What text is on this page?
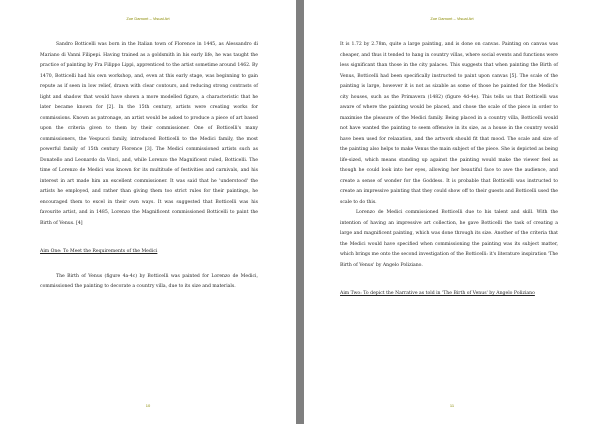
Zoe Damont – Visual Art

Sandro Botticelli was born in the Italian town of Florence in 1445, as Alessandro di Mariano di Vanni Filipepi. Having trained as a goldsmith in his early life, he was taught the practice of painting by Fra Filippo Lippi, apprenticed to the artist sometime around 1462. By 1470, Botticelli had his own workshop, and, even at this early stage, was beginning to gain repute as if seen in low relief, drawn with clear contours, and reducing strong contrasts of light and shadow that would have shown a more modelled figure, a characteristic that he later became known for [2]. In the 15th century, artists were creating works for commissions. Known as patronage, an artist would be asked to produce a piece of art based upon the criteria given to them by their commissioner. One of Botticelli's many commissioners, the Vespucci family, introduced Botticelli to the Medici family, the most powerful family of 15th century Florence [3]. The Medici commissioned artists such as Donatello and Leonardo da Vinci, and, while Lorenzo the Magnificent ruled, Botticelli. The time of Lorenzo de Medici was known for its multitude of festivities and carnivals, and his interest in art made him an excellent commissioner. It was said that he 'understood' the artists he employed, and rather than giving them too strict rules for their paintings, he encouraged them to excel in their own ways. It was suggested that Botticelli was his favourite artist, and in 1485, Lorenzo the Magnificent commissioned Botticelli to paint the Birth of Venus. [4]

Aim One: To Meet the Requirements of the Medici

The Birth of Venus (figure 4a-4c) by Botticelli was painted for Lorenzo de Medici, commissioned the painting to decorate a country villa, due to its size and materials.

10
Zoe Damont – Visual Art

It is 1.72 by 2.78m, quite a large painting, and is done on canvas. Painting on canvas was cheaper, and thus it tended to hang in country villas, where social events and functions were less significant than those in the city palaces. This suggests that when painting the Birth of Venus, Botticelli had been specifically instructed to paint upon canvas [5]. The scale of the painting is large, however it is not as sizable as some of those he painted for the Medici's city houses, such as the Primavera (1482) (figure 4d-4e). This tells us that Botticelli was aware of where the painting would be placed, and chose the scale of the piece in order to maximise the pleasure of the Medici family. Being placed in a country villa, Botticelli would not have wanted the painting to seem offensive in its size, as a house in the country would have been used for relaxation, and the artwork should fit that mood. The scale and size of the painting also helps to make Venus the main subject of the piece. She is depicted as being life-sized, which means standing up against the painting would make the viewer feel as though he could look into her eyes, allowing her beautiful face to awe the audience, and create a sense of wonder for the Goddess. It is probable that Botticelli was instructed to create an impressive painting that they could show off to their guests and Botticelli used the scale to do this.

Lorenzo de Medici commissioned Botticelli due to his talent and skill. With the intention of having an impressive art collection, he gave Botticelli the task of creating a large and magnificent painting, which was done through its size. Another of the criteria that the Medici would have specified when commissioning the painting was its subject matter, which brings me onto the second investigation of the Botticelli: it's literature inspiration 'The Birth of Venus' by Angelo Poliziano.

Aim Two: To depict the Narrative as told in 'The Birth of Venus' by Angelo Poliziano

11
